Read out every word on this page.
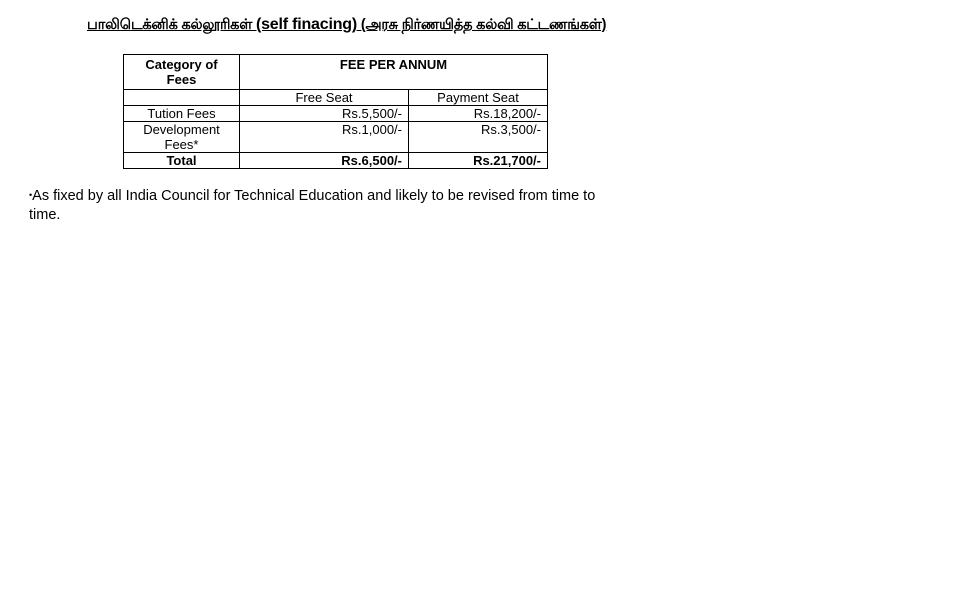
பாலிடெக்னிக் கல்லூரிகள் (self finacing) (அரசு நிர்ணயித்த கல்வி கட்டணங்கள்)
Category of Fees	FEE PER ANNUM	
	Free Seat	Payment Seat
Tution Fees	Rs.5,500/-	Rs.18,200/-
Development Fees*	Rs.1,000/-	Rs.3,500/-
Total	Rs.6,500/-	Rs.21,700/-
•As fixed by all India Council for Technical Education and likely to be revised from time to time.
